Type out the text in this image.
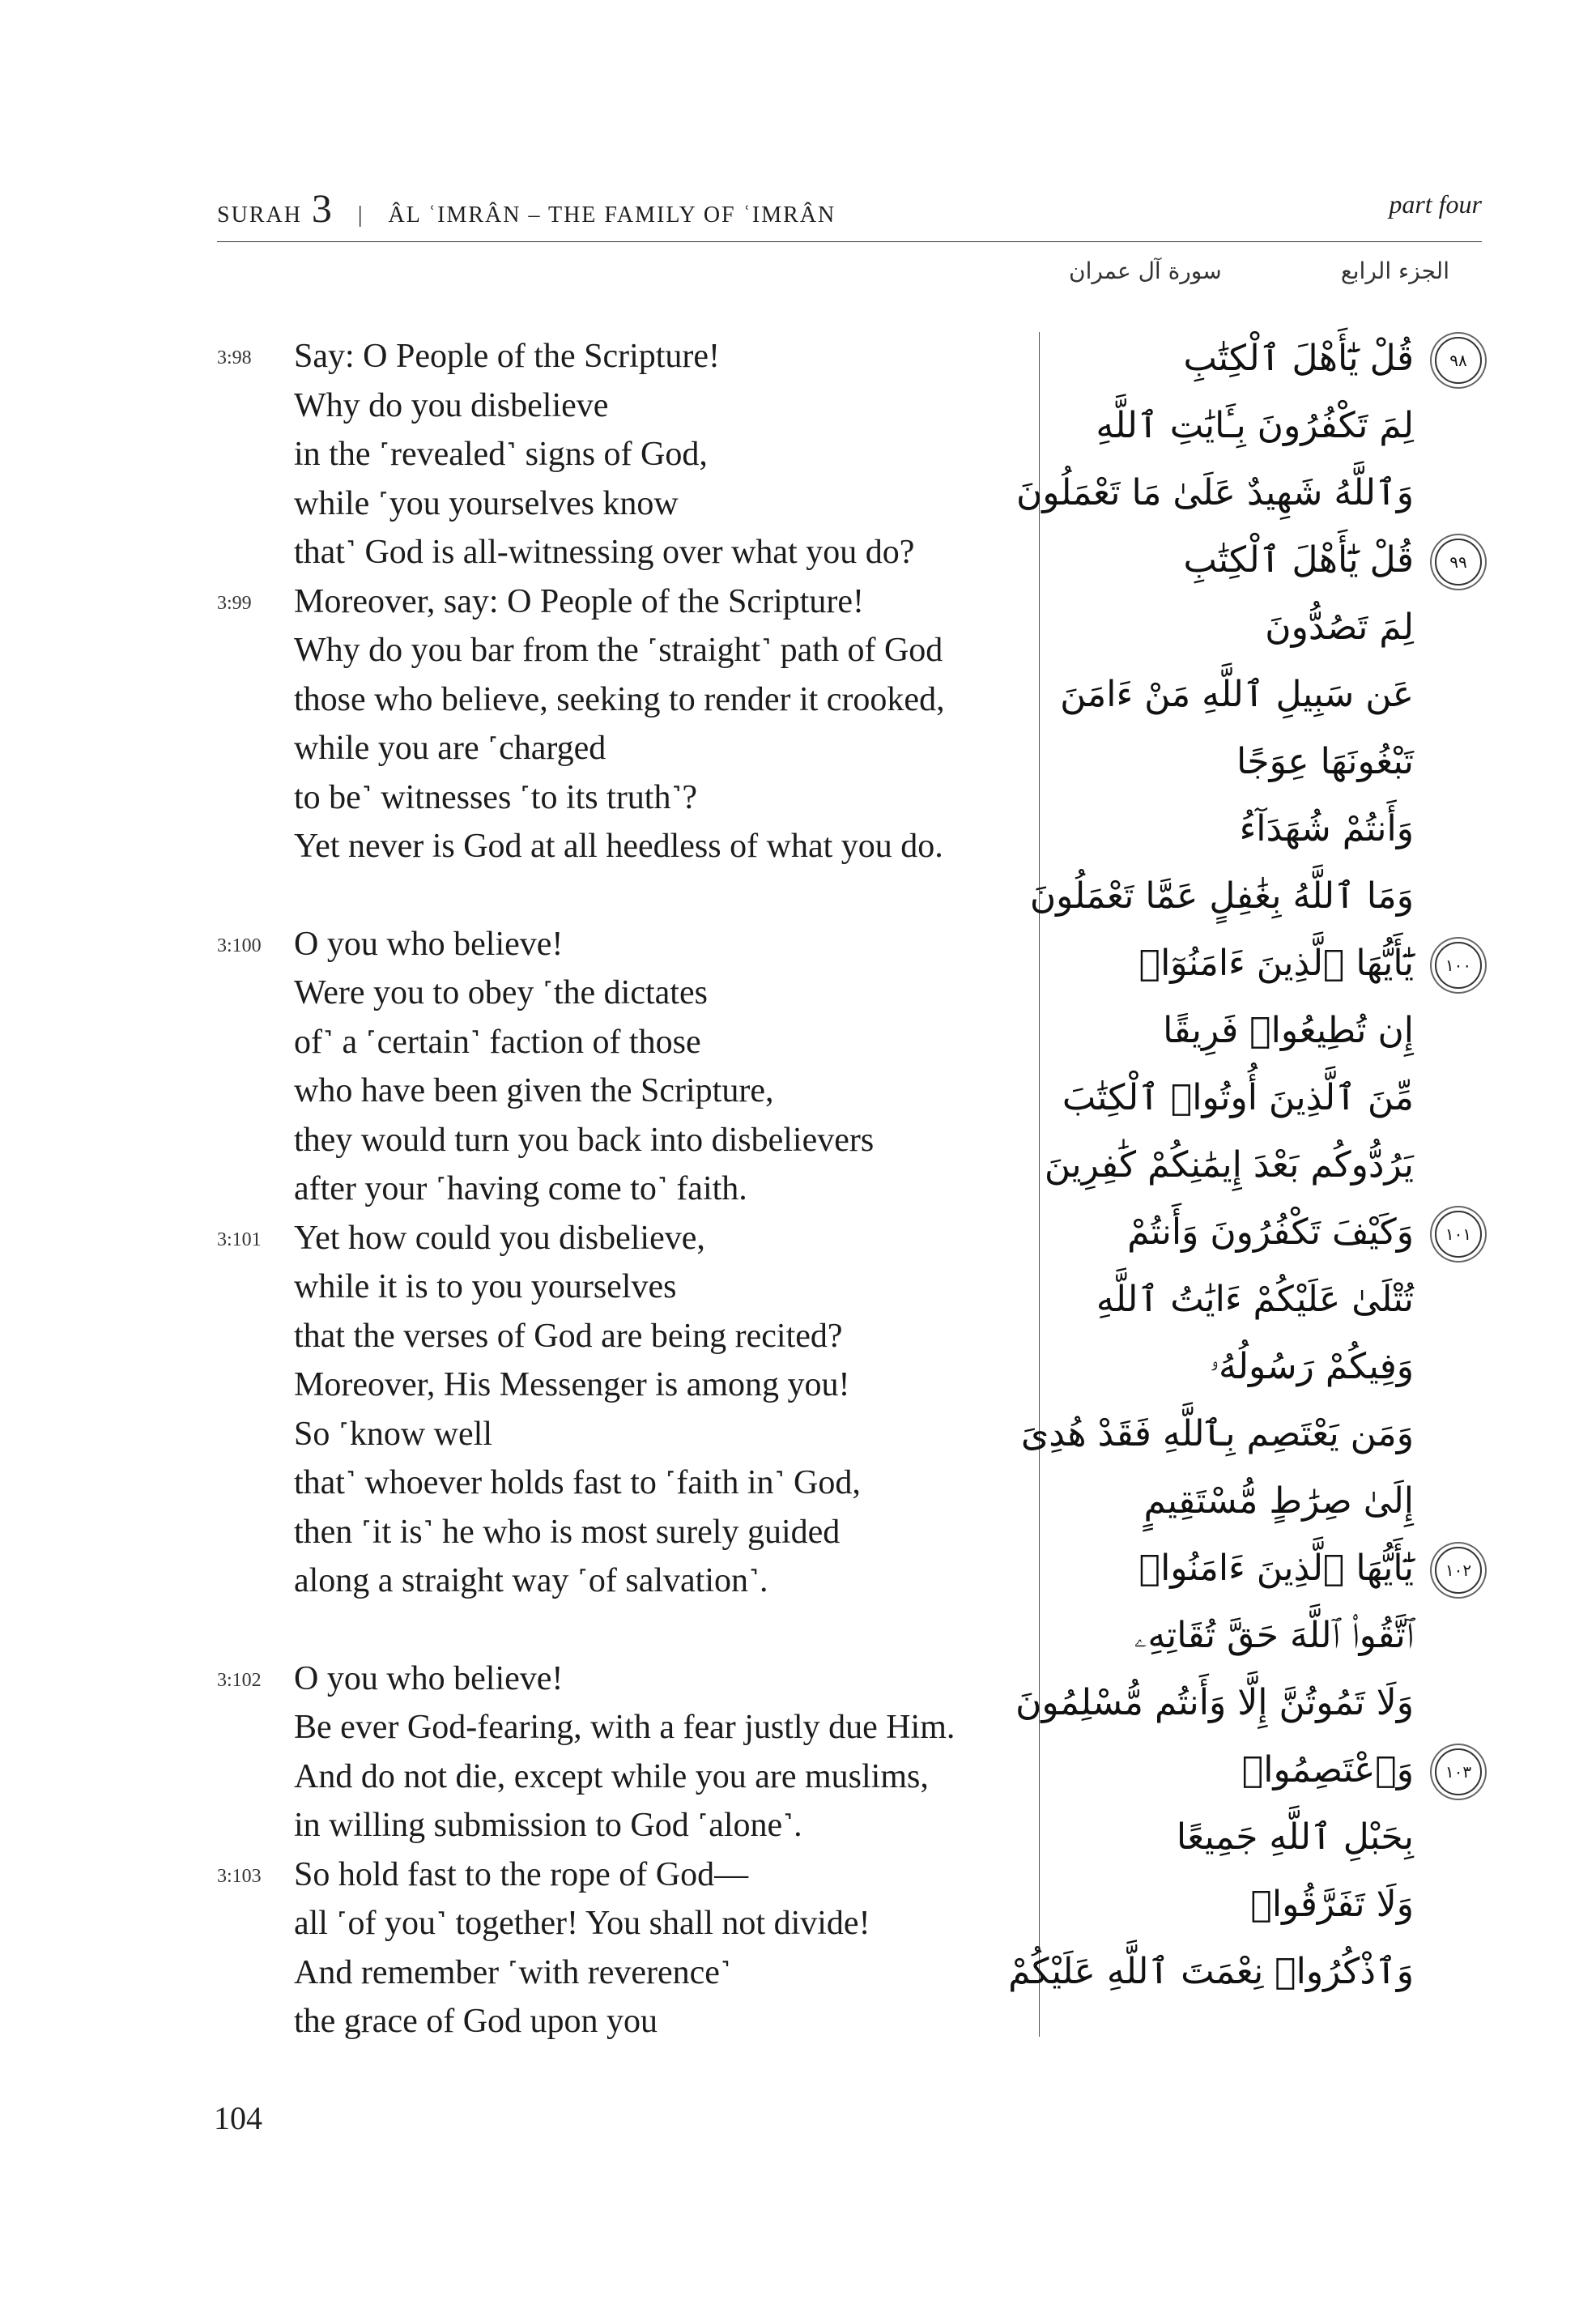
SURAH 3 | ÂL ʿIMRÂN – THE FAMILY OF ʿIMRÂN	part four
الجزء الرابع
سورة آل عمران
3:98	Say: O People of the Scripture!
Why do you disbelieve
in the ˹revealed˺ signs of God,
while ˹you yourselves know
that˺ God is all-witnessing over what you do?
3:99	Moreover, say: O People of the Scripture!
Why do you bar from the ˹straight˺ path of God
those who believe, seeking to render it crooked,
while you are ˹charged
to be˺ witnesses ˹to its truth˺?
Yet never is God at all heedless of what you do.
3:100 O you who believe!
Were you to obey ˹the dictates
of˺ a ˹certain˺ faction of those
who have been given the Scripture,
they would turn you back into disbelievers
after your ˹having come to˺ faith.
3:101 Yet how could you disbelieve,
while it is to you yourselves
that the verses of God are being recited?
Moreover, His Messenger is among you!
So ˹know well
that˺ whoever holds fast to ˹faith in˺ God,
then ˹it is˺ he who is most surely guided
along a straight way ˹of salvation˺.
3:102 O you who believe!
Be ever God-fearing, with a fear justly due Him.
And do not die, except while you are muslims,
in willing submission to God ˹alone˺.
3:103 So hold fast to the rope of God—
all ˹of you˺ together! You shall not divide!
And remember ˹with reverence˺
the grace of God upon you
٩٨قُلْ يَٰٓأَهْلَ ٱلْكِتَٰبِ
لِمَ تَكْفُرُونَ بِـَٔايَٰتِ ٱللَّهِ
وَٱللَّهُ شَهِيدٌ عَلَىٰ مَا تَعْمَلُونَ
٩٩قُلْ يَٰٓأَهْلَ ٱلْكِتَٰبِ
لِمَ تَصُدُّونَ
عَن سَبِيلِ ٱللَّهِ مَنْ ءَامَنَ
تَبْغُونَهَا عِوَجًا
وَأَنتُمْ شُهَدَآءُ
وَمَا ٱللَّهُ بِغَٰفِلٍ عَمَّا تَعْمَلُونَ
١٠٠يَٰٓأَيُّهَا ٱلَّذِينَ ءَامَنُوٓا۟
إِن تُطِيعُوا۟ فَرِيقًا
مِّنَ ٱلَّذِينَ أُوتُوا۟ ٱلْكِتَٰبَ
يَرُدُّوكُم بَعْدَ إِيمَٰنِكُمْ كَٰفِرِينَ
١٠١وَكَيْفَ تَكْفُرُونَ وَأَنتُمْ
تُتْلَىٰ عَلَيْكُمْ ءَايَٰتُ ٱللَّهِ
وَفِيكُمْ رَسُولُهُۥ
وَمَن يَعْتَصِم بِٱللَّهِ فَقَدْ هُدِىَ
إِلَىٰ صِرَٰطٍ مُّسْتَقِيمٍ
١٠٢يَٰٓأَيُّهَا ٱلَّذِينَ ءَامَنُوا۟
ٱتَّقُوا۟ ٱللَّهَ حَقَّ تُقَاتِهِۦ
وَلَا تَمُوتُنَّ إِلَّا وَأَنتُم مُّسْلِمُونَ
١٠٣وَٱعْتَصِمُوا۟
بِحَبْلِ ٱللَّهِ جَمِيعًا
وَلَا تَفَرَّقُوا۟
وَٱذْكُرُوا۟ نِعْمَتَ ٱللَّهِ عَلَيْكُمْ
104
